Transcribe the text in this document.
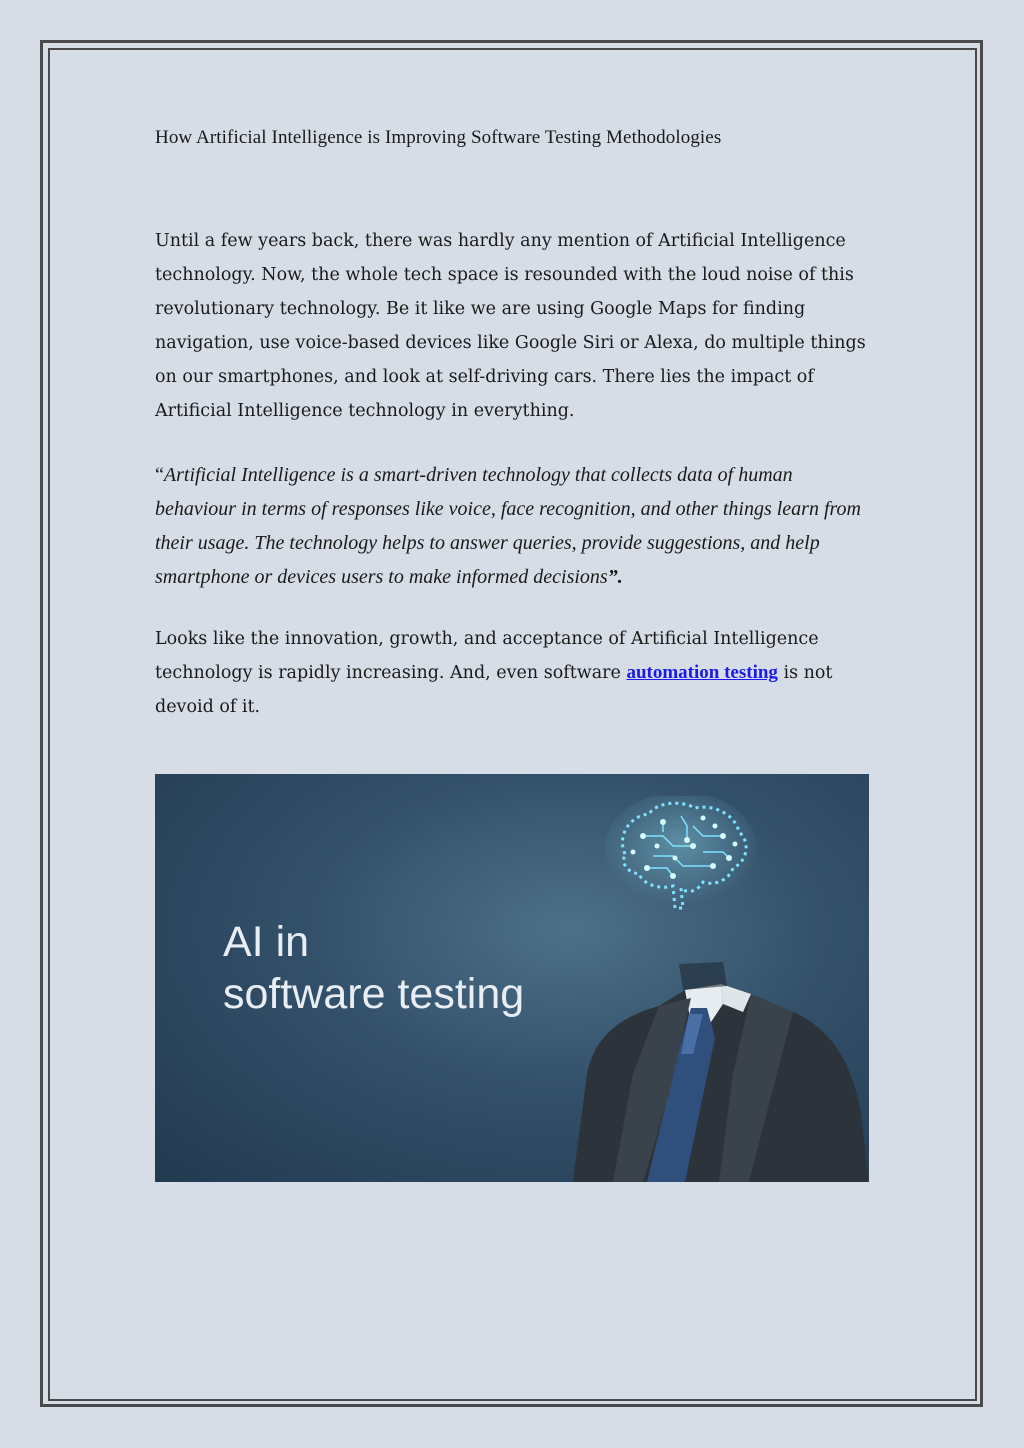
How Artificial Intelligence is Improving Software Testing Methodologies

Until a few years back, there was hardly any mention of Artificial Intelligence technology. Now, the whole tech space is resounded with the loud noise of this revolutionary technology. Be it like we are using Google Maps for finding navigation, use voice-based devices like Google Siri or Alexa, do multiple things on our smartphones, and look at self-driving cars. There lies the impact of Artificial Intelligence technology in everything.

“Artificial Intelligence is a smart-driven technology that collects data of human behaviour in terms of responses like voice, face recognition, and other things learn from their usage. The technology helps to answer queries, provide suggestions, and help smartphone or devices users to make informed decisions”.

Looks like the innovation, growth, and acceptance of Artificial Intelligence technology is rapidly increasing. And, even software automation testing is not devoid of it.

AI in
software testing
